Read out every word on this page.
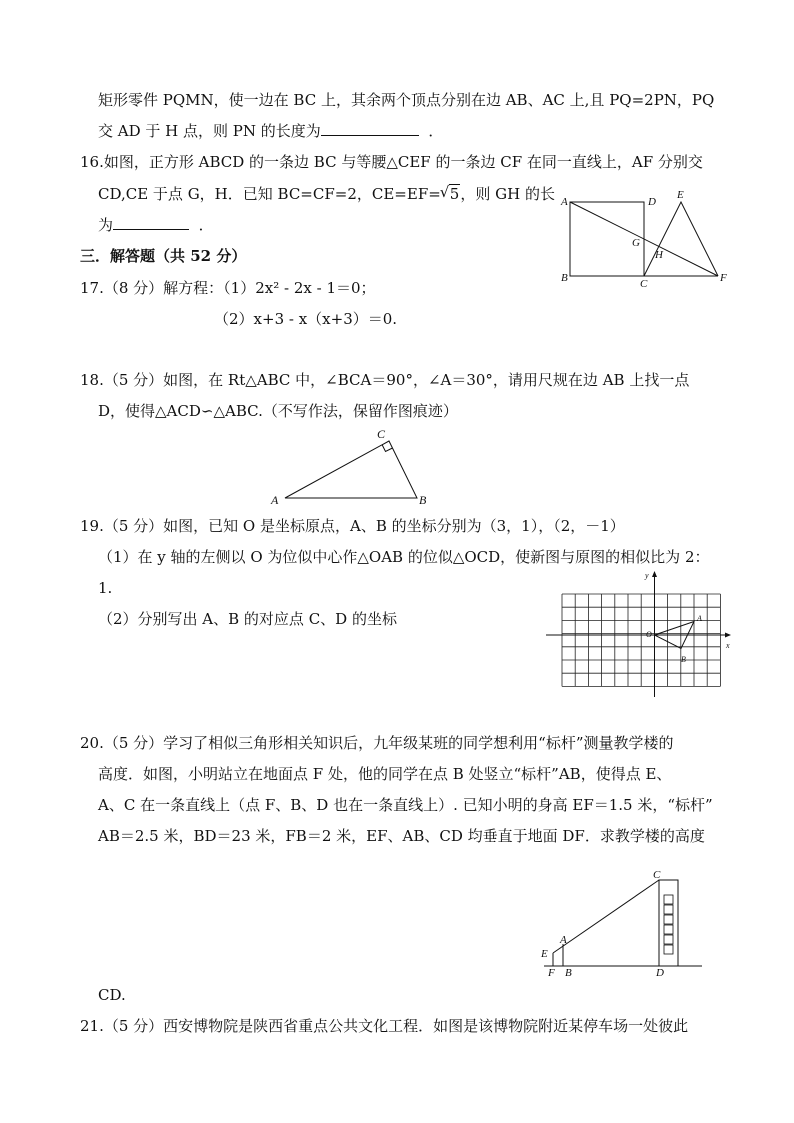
矩形零件 PQMN，使一边在 BC 上，其余两个顶点分别在边 AB、AC 上,且 PQ=2PN，PQ
交 AD 于 H 点，则 PN 的长度为	．
16.如图，正方形 ABCD 的一条边 BC 与等腰△CEF 的一条边 CF 在同一直线上，AF 分别交
CD,CE 于点 G，H．已知 BC=CF=2，CE=EF=√ 5，则 GH 的长
为	．
A	D
E
G
H
B	C	F
三．解答题（共 52 分）
17.（8 分）解方程：（1）2x² - 2x - 1＝0；
（2）x+3 - x（x+3）＝0.
18.（5 分）如图，在 Rt△ABC 中，∠BCA＝90°，∠A＝30°，请用尺规在边 AB 上找一点
D，使得△ACD∽△ABC.（不写作法，保留作图痕迹）
A	B
C
19.（5 分）如图，已知 O 是坐标原点，A、B 的坐标分别为（3，1），（2，－1）
（1）在 y 轴的左侧以 O 为位似中心作△OAB 的位似△OCD，使新图与原图的相似比为 2：
1.
（2）分别写出 A、B 的对应点 C、D 的坐标
y
x
O
A
B
20.（5 分）学习了相似三角形相关知识后，九年级某班的同学想利用“标杆”测量教学楼的
高度．如图，小明站立在地面点 F 处，他的同学在点 B 处竖立“标杆”AB，使得点 E、
A、C 在一条直线上（点 F、B、D 也在一条直线上）. 已知小明的身高 EF＝1.5 米，“标杆”
AB＝2.5 米，BD＝23 米，FB＝2 米，EF、AB、CD 均垂直于地面 DF．求教学楼的高度
C
E
A
F B	D
CD.
21.（5 分）西安博物院是陕西省重点公共文化工程．如图是该博物院附近某停车场一处彼此
